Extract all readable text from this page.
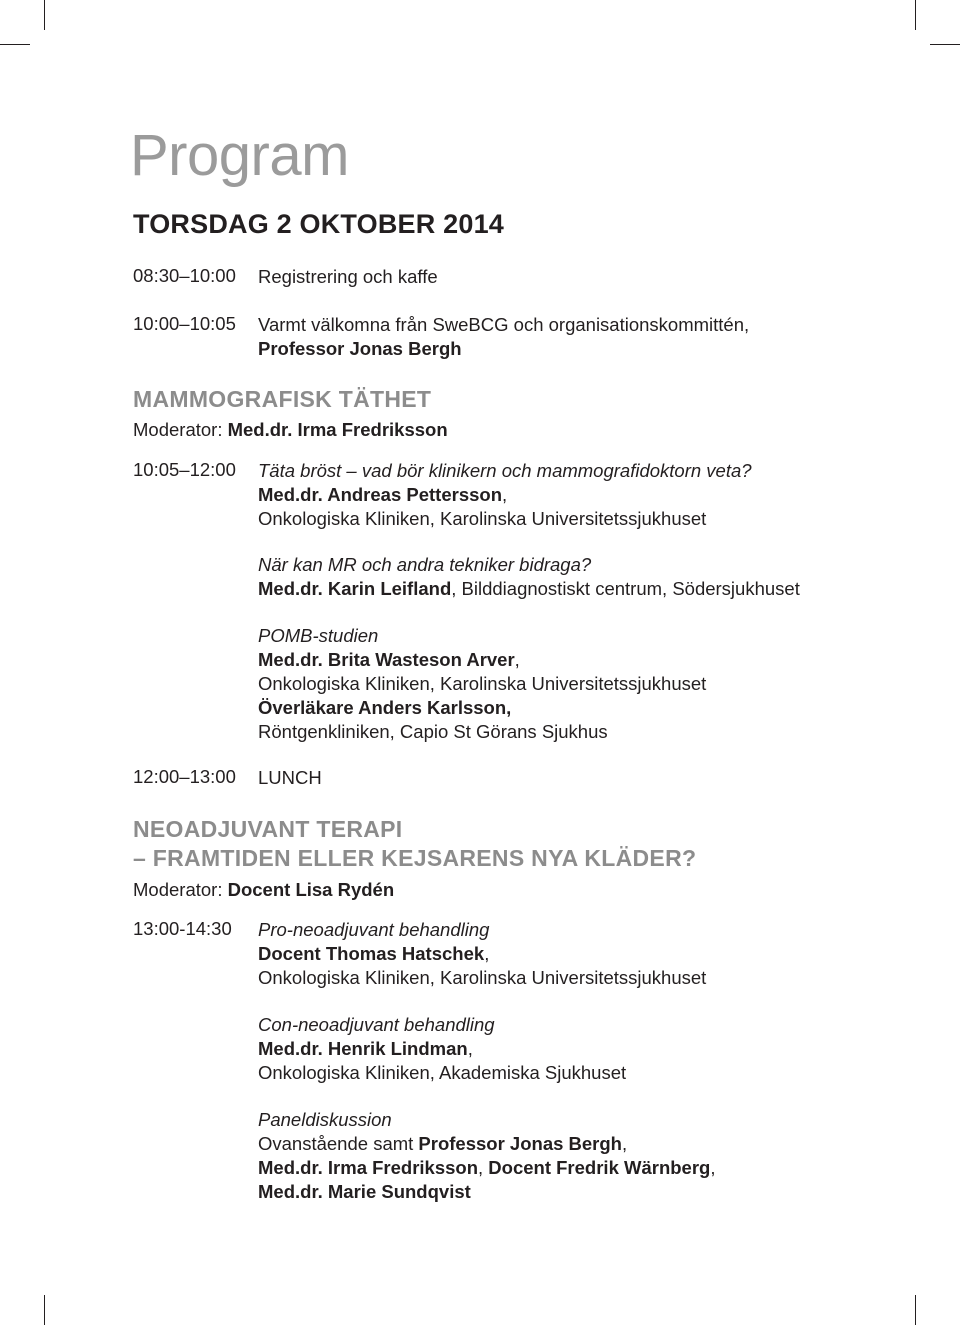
Program
TORSDAG 2 OKTOBER 2014
08:30–10:00 Registrering och kaffe
10:00–10:05 Varmt välkomna från SweBCG och organisationskommittén,
Professor Jonas Bergh
MAMMOGRAFISK TÄTHET
Moderator: Med.dr. Irma Fredriksson
10:05–12:00 Täta bröst – vad bör klinikern och mammografidoktorn veta?
Med.dr. Andreas Pettersson,
Onkologiska Kliniken, Karolinska Universitetssjukhuset
När kan MR och andra tekniker bidraga?
Med.dr. Karin Leifland, Bilddiagnostiskt centrum, Södersjukhuset
POMB-studien
Med.dr. Brita Wasteson Arver,
Onkologiska Kliniken, Karolinska Universitetssjukhuset
Överläkare Anders Karlsson,
Röntgenkliniken, Capio St Görans Sjukhus
12:00–13:00 LUNCH
NEOADJUVANT TERAPI
– FRAMTIDEN ELLER KEJSARENS NYA KLÄDER?
Moderator: Docent Lisa Rydén
13:00-14:30 Pro-neoadjuvant behandling
Docent Thomas Hatschek,
Onkologiska Kliniken, Karolinska Universitetssjukhuset
Con-neoadjuvant behandling
Med.dr. Henrik Lindman,
Onkologiska Kliniken, Akademiska Sjukhuset
Paneldiskussion
Ovanstående samt Professor Jonas Bergh,
Med.dr. Irma Fredriksson, Docent Fredrik Wärnberg,
Med.dr. Marie Sundqvist
